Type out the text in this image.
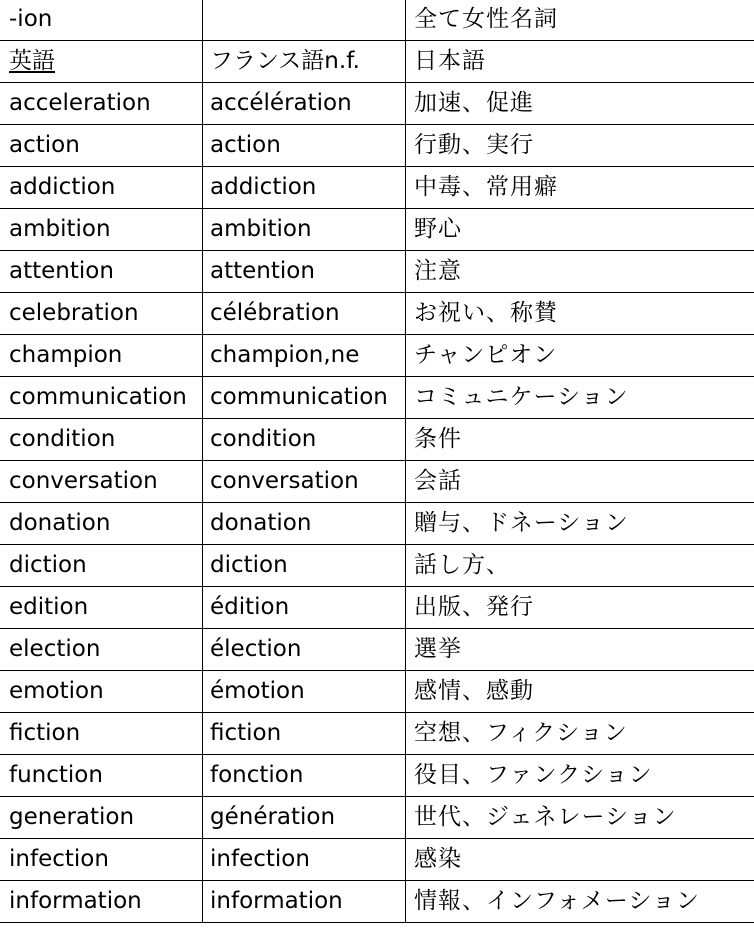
-ion		全て女性名詞
英語	フランス語n.f.	日本語
acceleration	accélération	加速、促進
action	action	行動、実行
addiction	addiction	中毒、常用癖
ambition	ambition	野心
attention	attention	注意
celebration	célébration	お祝い、称賛
champion	champion,ne	チャンピオン
communication	communication	コミュニケーション
condition	condition	条件
conversation	conversation	会話
donation	donation	贈与、ドネーション
diction	diction	話し方、
edition	édition	出版、発行
election	élection	選挙
emotion	émotion	感情、感動
fiction	fiction	空想、フィクション
function	fonction	役目、ファンクション
generation	génération	世代、ジェネレーション
infection	infection	感染
information	information	情報、インフォメーション
